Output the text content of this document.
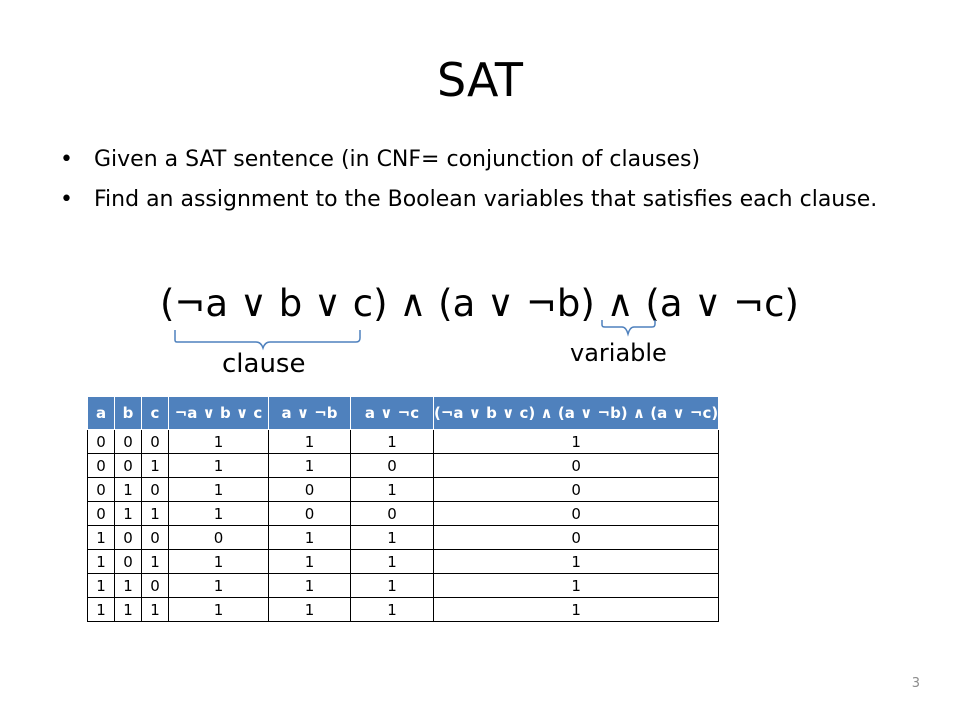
SAT
• Given a SAT sentence (in CNF= conjunction of clauses)
• Find an assignment to the Boolean variables that satisfies each clause.
(¬a ∨ b ∨ c) ∧ (a ∨ ¬b) ∧ (a ∨ ¬c)
clause	variable
a	b	c	¬a ∨ b ∨ c	a ∨ ¬b	a ∨ ¬c	(¬a ∨ b ∨ c) ∧ (a ∨ ¬b) ∧ (a ∨ ¬c)
0	0	0	1	1	1	1
0	0	1	1	1	0	0
0	1	0	1	0	1	0
0	1	1	1	0	0	0
1	0	0	0	1	1	0
1	0	1	1	1	1	1
1	1	0	1	1	1	1
1	1	1	1	1	1	1
3
